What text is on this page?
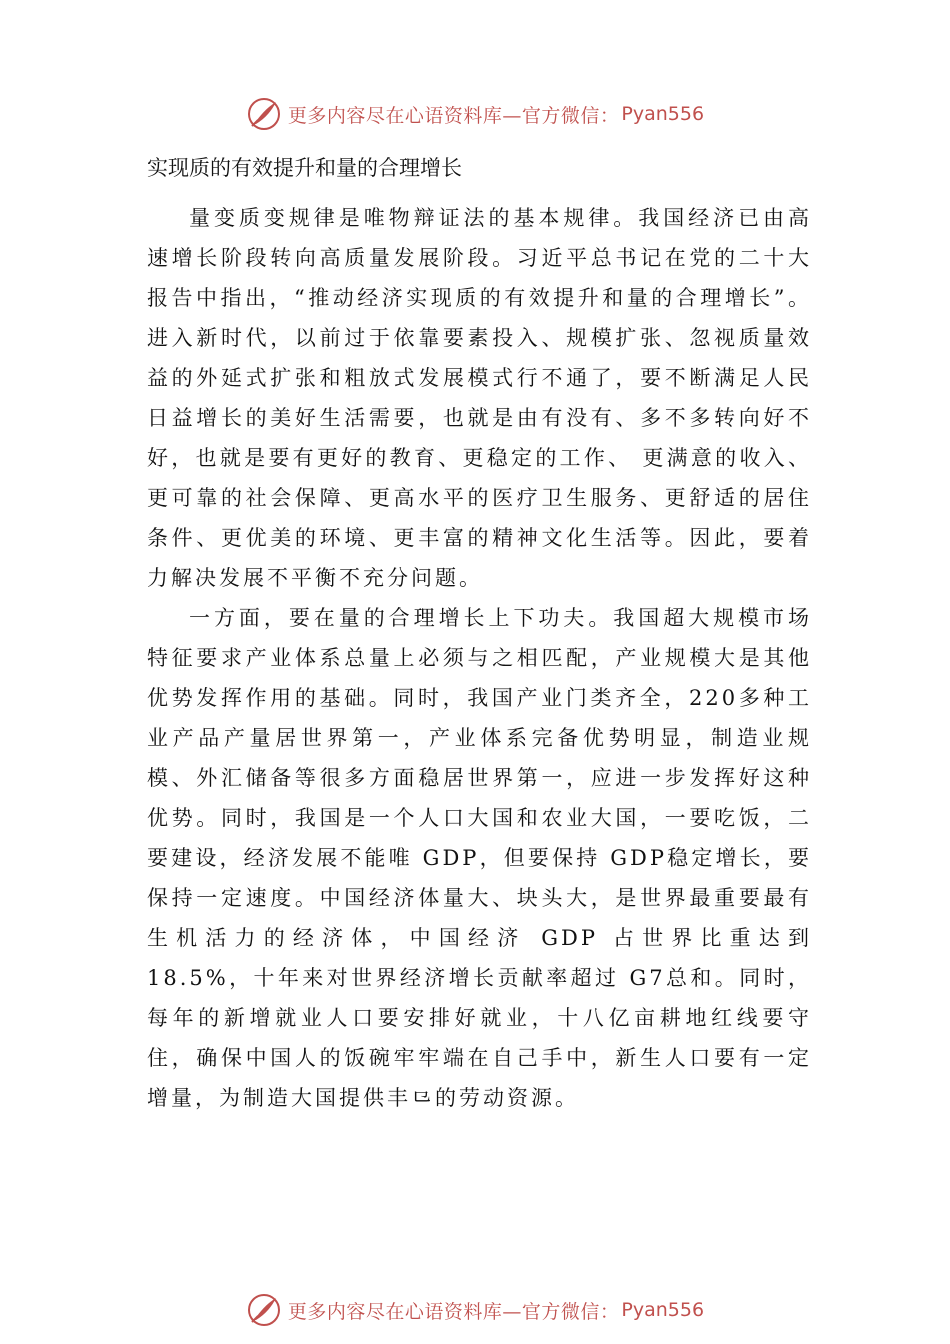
更多内容尽在心语资料库—官方微信： Pyan556
实现质的有效提升和量的合理增长

量变质变规律是唯物辩证法的基本规律。我国经济已由高速增长阶段转向高质量发展阶段。习近平总书记在党的二十大报告中指出，“推动经济实现质的有效提升和量的合理增长”。进入新时代，以前过于依靠要素投入、规模扩张、忽视质量效益的外延式扩张和粗放式发展模式行不通了，要不断满足人民日益增长的美好生活需要，也就是由有没有、多不多转向好不好，也就是要有更好的教育、更稳定的工作、 更满意的收入、更可靠的社会保障、更高水平的医疗卫生服务、更舒适的居住条件、更优美的环境、更丰富的精神文化生活等。因此，要着力解决发展不平衡不充分问题。

一方面，要在量的合理增长上下功夫。我国超大规模市场特征要求产业体系总量上必须与之相匹配，产业规模大是其他优势发挥作用的基础。同时，我国产业门类齐全，220多种工业产品产量居世界第一，产业体系完备优势明显，制造业规模、外汇储备等很多方面稳居世界第一，应进一步发挥好这种优势。同时，我国是一个人口大国和农业大国，一要吃饭，二要建设，经济发展不能唯 GDP，但要保持 GDP稳定增长，要保持一定速度。中国经济体量大、块头大，是世界最重要最有生机活力的经济体，中国经济 GDP 占世界比重达到 18.5%，十年来对世界经济增长贡献率超过 G7总和。同时，每年的新增就业人口要安排好就业，十八亿亩耕地红线要守住，确保中国人的饭碗牢牢端在自己手中，新生人口要有一定增量，为制造大国提供丰⺋的劳动资源。

更多内容尽在心语资料库—官方微信： Pyan556
